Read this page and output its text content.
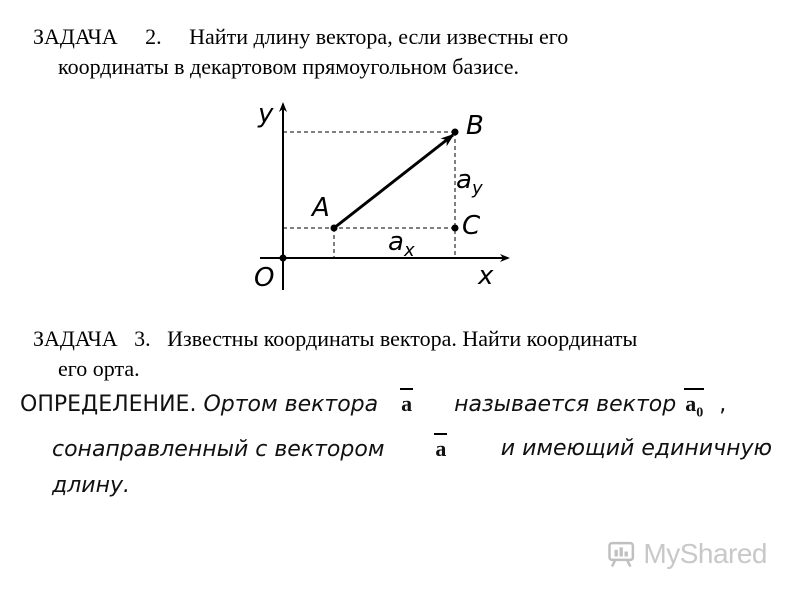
ЗАДАЧА 2. Найти длину вектора, если известны его
координаты в декартовом прямоугольном базисе.
y
x
O
A
B
C
$a_y$
$a_x$
ЗАДАЧА 3. Известны координаты вектора. Найти координаты
его орта.
ОПРЕДЕЛЕНИЕ.
Ортом вектора
a называется вектор
$a_0$
,
сонаправленный с вектором a и имеющий единичную
длину.
MyShared
